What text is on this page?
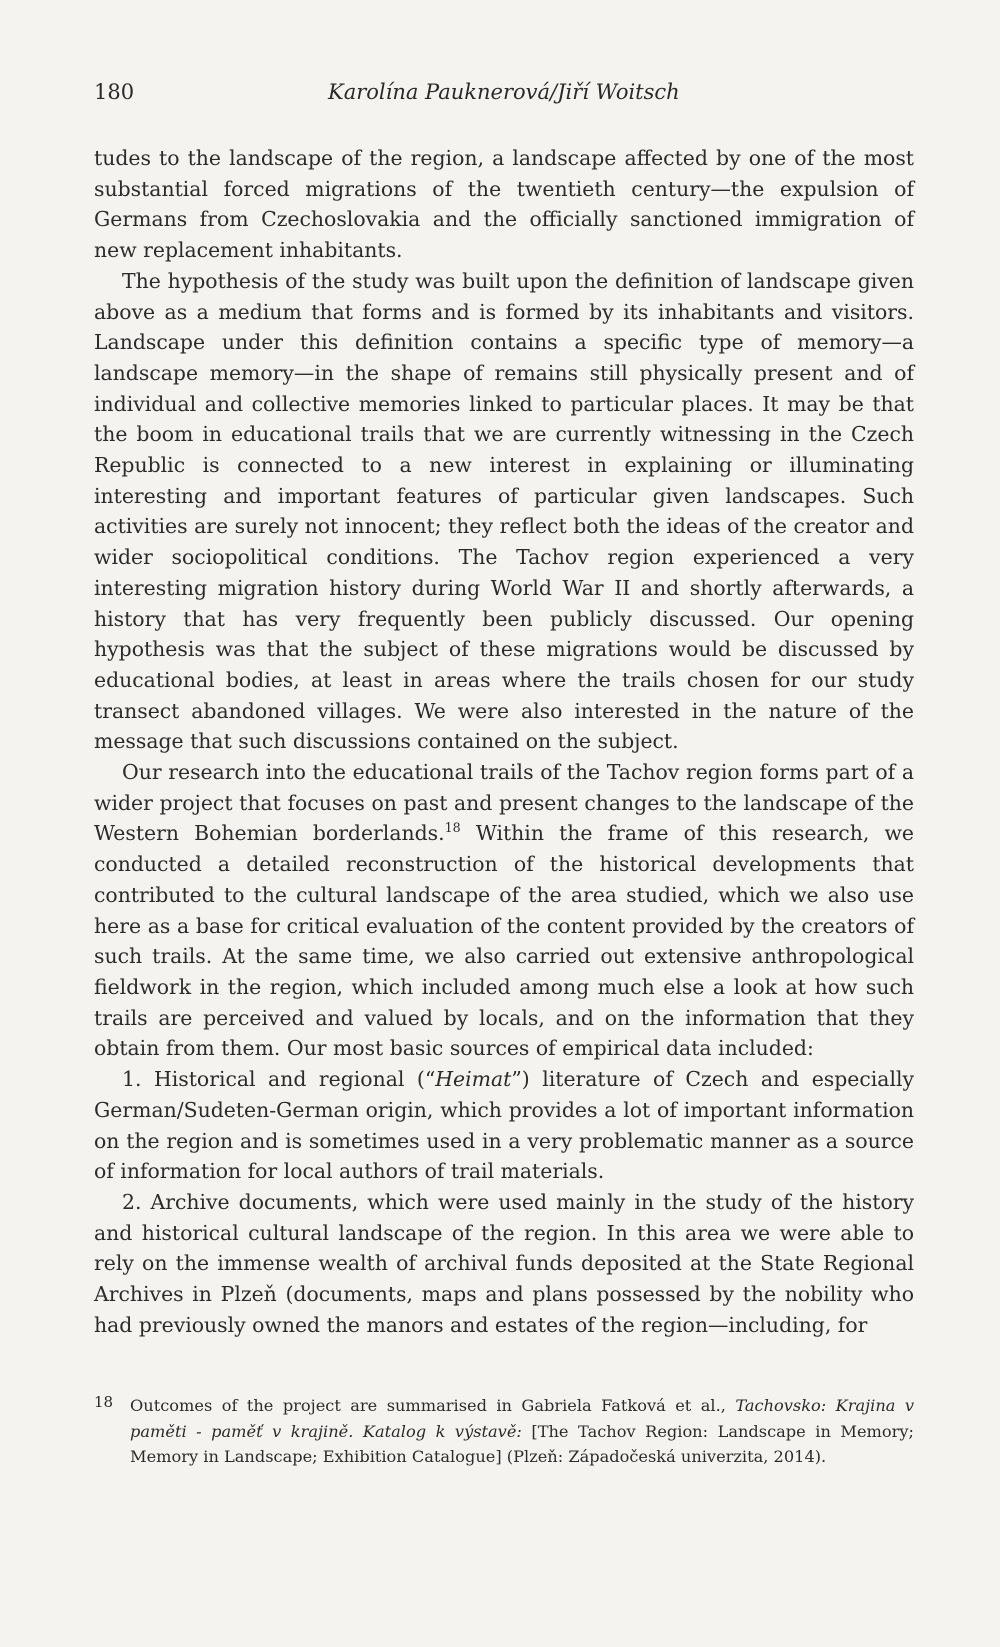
180	Karolína Pauknerová/Jiří Woitsch

tudes to the landscape of the region, a landscape affected by one of the most substantial forced migrations of the twentieth century—the expulsion of Germans from Czechoslovakia and the officially sanctioned immigration of new replacement inhabitants.

The hypothesis of the study was built upon the definition of landscape given above as a medium that forms and is formed by its inhabitants and visitors. Landscape under this definition contains a specific type of memory—a landscape memory—in the shape of remains still physically present and of individual and collective memories linked to particular places. It may be that the boom in educational trails that we are currently witnessing in the Czech Republic is connected to a new interest in explaining or illuminating interesting and important features of particular given landscapes. Such activities are surely not innocent; they reflect both the ideas of the creator and wider sociopolitical conditions. The Tachov region experienced a very interesting migration history during World War II and shortly afterwards, a history that has very frequently been publicly discussed. Our opening hypothesis was that the subject of these migrations would be discussed by educational bodies, at least in areas where the trails chosen for our study transect abandoned villages. We were also interested in the nature of the message that such discussions contained on the subject.

Our research into the educational trails of the Tachov region forms part of a wider project that focuses on past and present changes to the landscape of the Western Bohemian borderlands.$^{18}$ Within the frame of this research, we conducted a detailed reconstruction of the historical developments that contributed to the cultural landscape of the area studied, which we also use here as a base for critical evaluation of the content provided by the creators of such trails. At the same time, we also carried out extensive anthropological fieldwork in the region, which included among much else a look at how such trails are perceived and valued by locals, and on the information that they obtain from them. Our most basic sources of empirical data included:

1. Historical and regional (“Heimat”) literature of Czech and especially German/Sudeten-German origin, which provides a lot of important information on the region and is sometimes used in a very problematic manner as a source of information for local authors of trail materials.

2. Archive documents, which were used mainly in the study of the history and historical cultural landscape of the region. In this area we were able to rely on the immense wealth of archival funds deposited at the State Regional Archives in Plzeň (documents, maps and plans possessed by the nobility who had previously owned the manors and estates of the region—including, for

18 Outcomes of the project are summarised in Gabriela Fatková et al., Tachovsko: Krajina v paměti - paměť v krajině. Katalog k výstavě: [The Tachov Region: Landscape in Memory; Memory in Landscape; Exhibition Catalogue] (Plzeň: Západočeská univerzita, 2014).
